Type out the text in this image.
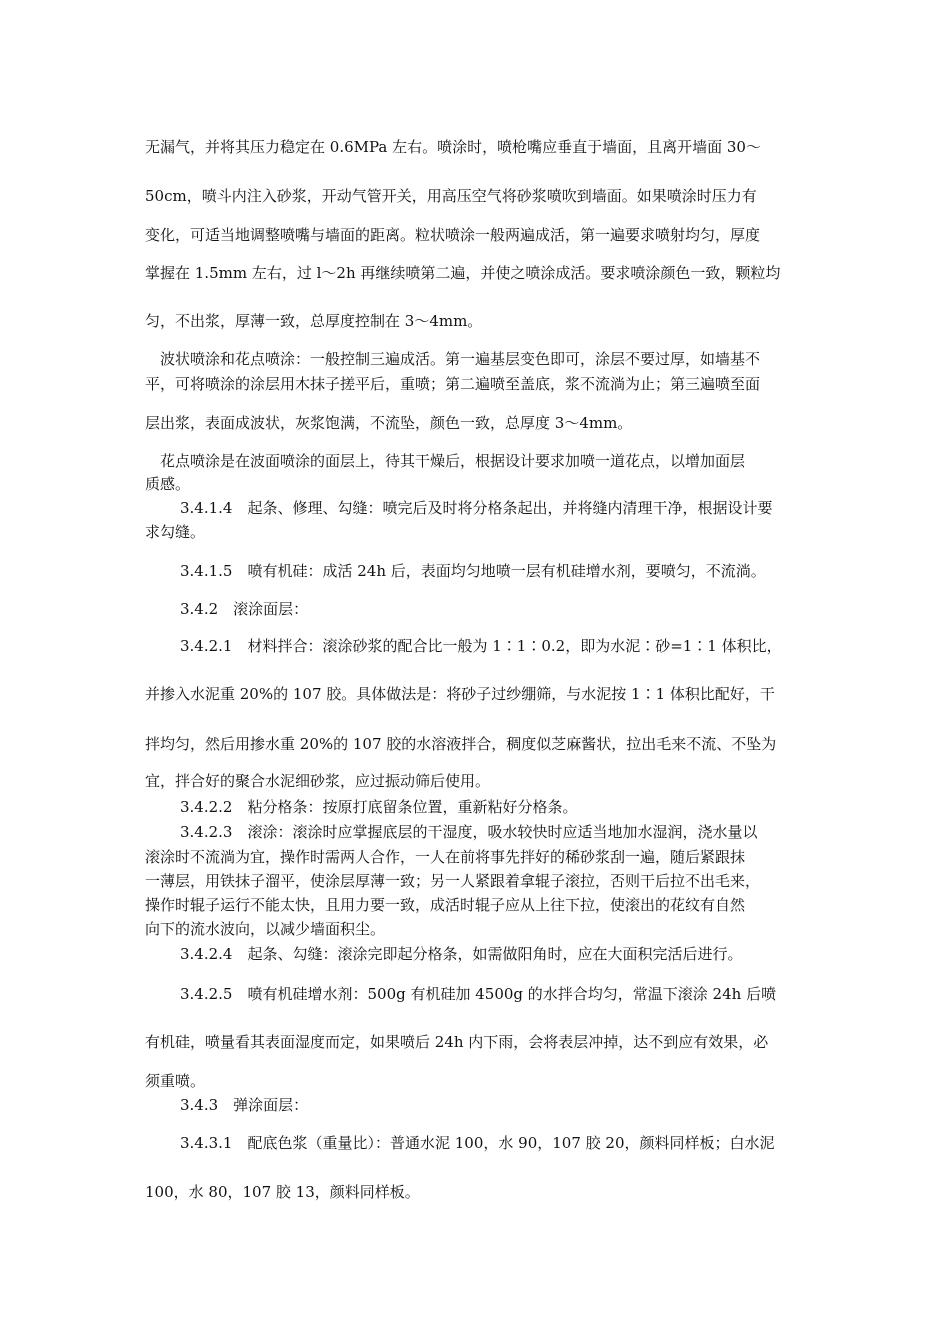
无漏气，并将其压力稳定在 0.6MPa 左右。喷涂时，喷枪嘴应垂直于墙面，且离开墙面 30～
50cm，喷斗内注入砂浆，开动气管开关，用高压空气将砂浆喷吹到墙面。如果喷涂时压力有
变化，可适当地调整喷嘴与墙面的距离。粒状喷涂一般两遍成活，第一遍要求喷射均匀，厚度
掌握在 1.5mm 左右，过 l～2h 再继续喷第二遍，并使之喷涂成活。要求喷涂颜色一致，颗粒均
匀，不出浆，厚薄一致，总厚度控制在 3～4mm。
波状喷涂和花点喷涂：一般控制三遍成活。第一遍基层变色即可，涂层不要过厚，如墙基不
平，可将喷涂的涂层用木抹子搓平后，重喷；第二遍喷至盖底，浆不流淌为止；第三遍喷至面
层出浆，表面成波状，灰浆饱满，不流坠，颜色一致，总厚度 3～4mm。
花点喷涂是在波面喷涂的面层上，待其干燥后，根据设计要求加喷一道花点，以增加面层
质感。
3.4.1.4　起条、修理、勾缝：喷完后及时将分格条起出，并将缝内清理干净，根据设计要
求勾缝。
3.4.1.5　喷有机硅：成活 24h 后，表面均匀地喷一层有机硅增水剂，要喷匀，不流淌。
3.4.2　滚涂面层：
3.4.2.1　材料拌合：滚涂砂浆的配合比一般为 1∶1∶0.2，即为水泥∶砂=1∶1 体积比，
并掺入水泥重 20%的 107 胶。具体做法是：将砂子过纱绷筛，与水泥按 1∶1 体积比配好，干
拌均匀，然后用掺水重 20%的 107 胶的水溶液拌合，稠度似芝麻酱状，拉出毛来不流、不坠为
宜，拌合好的聚合水泥细砂浆，应过振动筛后使用。
3.4.2.2　粘分格条：按原打底留条位置，重新粘好分格条。
3.4.2.3　滚涂：滚涂时应掌握底层的干湿度，吸水较快时应适当地加水湿润，浇水量以
滚涂时不流淌为宜，操作时需两人合作，一人在前将事先拌好的稀砂浆刮一遍，随后紧跟抹
一薄层，用铁抹子溜平，使涂层厚薄一致；另一人紧跟着拿辊子滚拉，否则干后拉不出毛来，
操作时辊子运行不能太快，且用力要一致，成活时辊子应从上往下拉，使滚出的花纹有自然
向下的流水波向，以减少墙面积尘。
3.4.2.4　起条、勾缝：滚涂完即起分格条，如需做阳角时，应在大面积完活后进行。
3.4.2.5　喷有机硅增水剂：500g 有机硅加 4500g 的水拌合均匀，常温下滚涂 24h 后喷
有机硅，喷量看其表面湿度而定，如果喷后 24h 内下雨，会将表层冲掉，达不到应有效果，必
须重喷。
3.4.3　弹涂面层：
3.4.3.1　配底色浆（重量比）：普通水泥 100，水 90，107 胶 20，颜料同样板；白水泥
100，水 80，107 胶 13，颜料同样板。
